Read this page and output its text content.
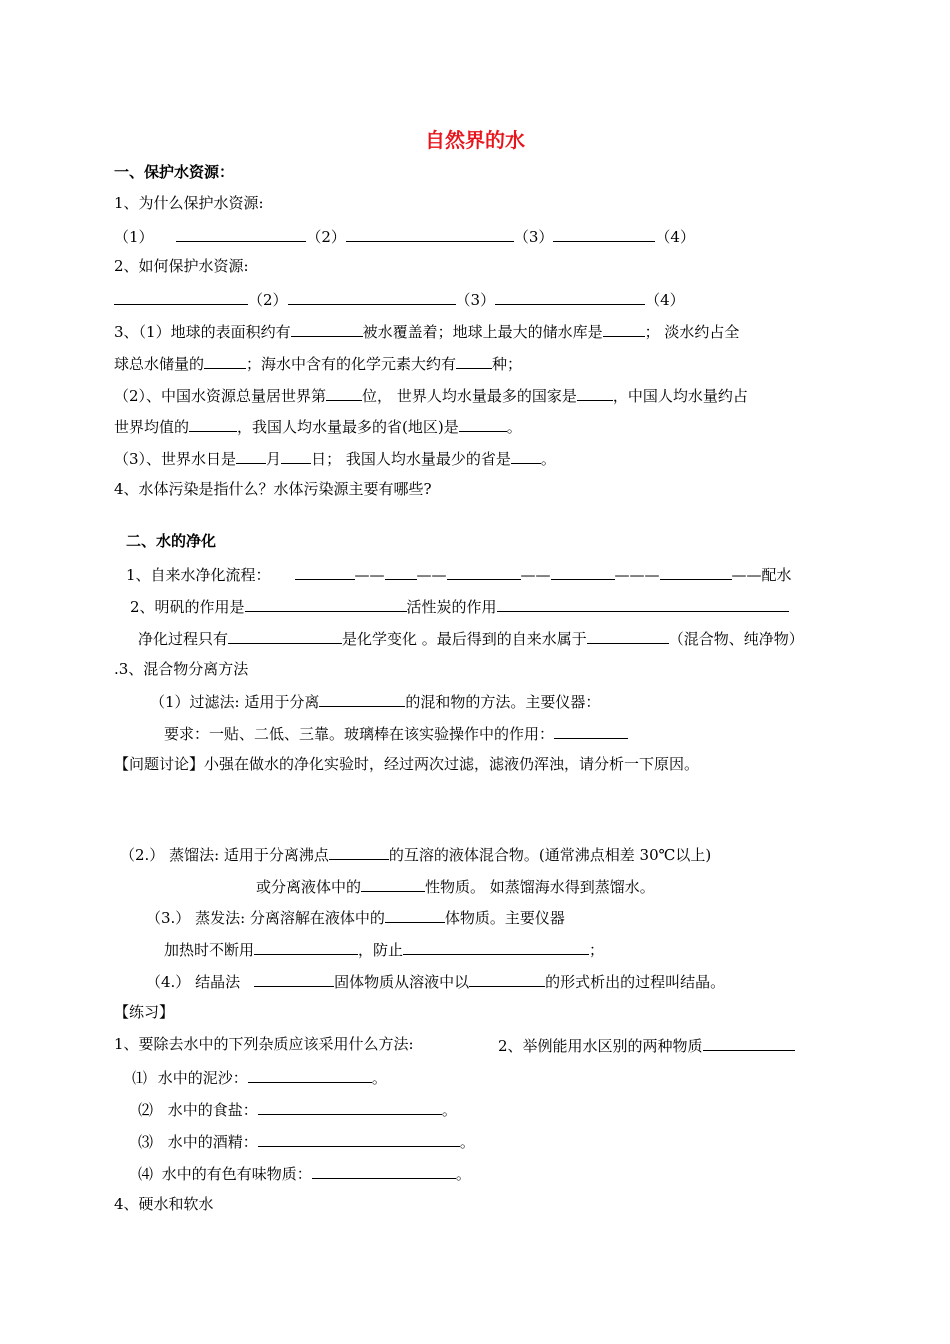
自然界的水
一、保护水资源：
1、为什么保护水资源:
（1）	（2）	（3）	（4）
2、如何保护水资源:
（2）	（3）	（4）
3、（1）地球的表面积约有	被水覆盖着；地球上最大的储水库是	； 淡水约占全
球总水储量的	；海水中含有的化学元素大约有 种；
（2）、中国水资源总量居世界第 位， 世界人均水量最多的国家是 ，中国人均水量约占
世界均值的	，我国人均水量最多的省(地区)是	。
（3）、世界水日是 月 日； 我国人均水量最少的省是 。
4、水体污染是指什么？水体污染源主要有哪些?
二、水的净化
1、自来水净化流程：	—— ——	——	———	——配水
2、明矾的作用是	活性炭的作用
净化过程只有	是化学变化 。最后得到的自来水属于	（混合物、纯净物）
.3、混合物分离方法
（1）过滤法: 适用于分离	的混和物的方法。主要仪器：
要求：一贴、二低、三靠。玻璃棒在该实验操作中的作用：
【问题讨论】小强在做水的净化实验时，经过两次过滤，滤液仍浑浊，请分析一下原因。
（2.） 蒸馏法: 适用于分离沸点	的互溶的液体混合物。(通常沸点相差 30℃以上)
或分离液体中的	性物质。 如蒸馏海水得到蒸馏水。
（3.） 蒸发法: 分离溶解在液体中的	体物质。主要仪器
加热时不断用	，防止	；
（4.） 结晶法	固体物质从溶液中以	的形式析出的过程叫结晶。
【练习】
1、要除去水中的下列杂质应该采用什么方法:	2、举例能用水区别的两种物质
⑴ 水中的泥沙：	。
⑵ 水中的食盐：	。
⑶ 水中的酒精：	。
⑷ 水中的有色有味物质：	。
4、硬水和软水
